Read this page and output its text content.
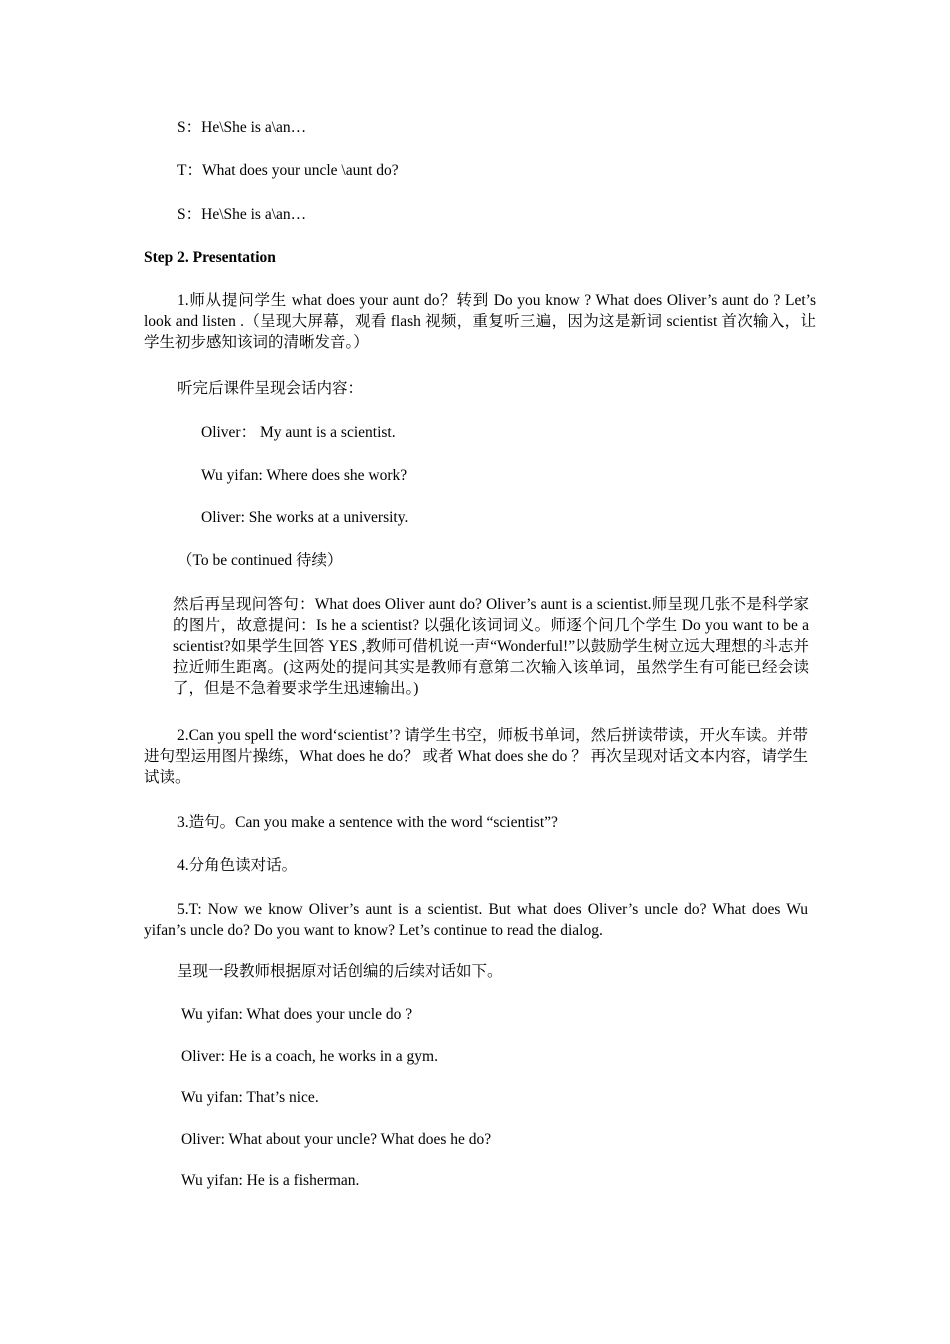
S：He\She is a\an…

T：What does your uncle \aunt do?

S：He\She is a\an…

Step 2. Presentation

1.师从提问学生 what does your aunt do？转到 Do you know ? What does Oliver’s aunt do ? Let’s look and listen .（呈现大屏幕，观看 flash 视频，重复听三遍，因为这是新词 scientist 首次输入，让学生初步感知该词的清晰发音。）

听完后课件呈现会话内容：

Oliver： My aunt is a scientist.

Wu yifan: Where does she work?

Oliver: She works at a university.

（To be continued 待续）

然后再呈现问答句：What does Oliver aunt do? Oliver’s aunt is a scientist.师呈现几张不是科学家的图片，故意提问：Is he a scientist? 以强化该词词义。师逐个问几个学生 Do you want to be a scientist?如果学生回答 YES ,教师可借机说一声“Wonderful!”以鼓励学生树立远大理想的斗志并拉近师生距离。(这两处的提问其实是教师有意第二次输入该单词，虽然学生有可能已经会读了，但是不急着要求学生迅速输出。)

2.Can you spell the word‘scientist’? 请学生书空，师板书单词，然后拼读带读，开火车读。并带进句型运用图片操练，What does he do？ 或者 What does she do ？ 再次呈现对话文本内容，请学生试读。

3.造句。Can you make a sentence with the word “scientist”?

4.分角色读对话。

5.T: Now we know Oliver’s aunt is a scientist. But what does Oliver’s uncle do? What does Wu yifan’s uncle do? Do you want to know? Let’s continue to read the dialog.

呈现一段教师根据原对话创编的后续对话如下。

Wu yifan: What does your uncle do ?

Oliver: He is a coach, he works in a gym.

Wu yifan: That’s nice.

Oliver: What about your uncle? What does he do?

Wu yifan: He is a fisherman.
